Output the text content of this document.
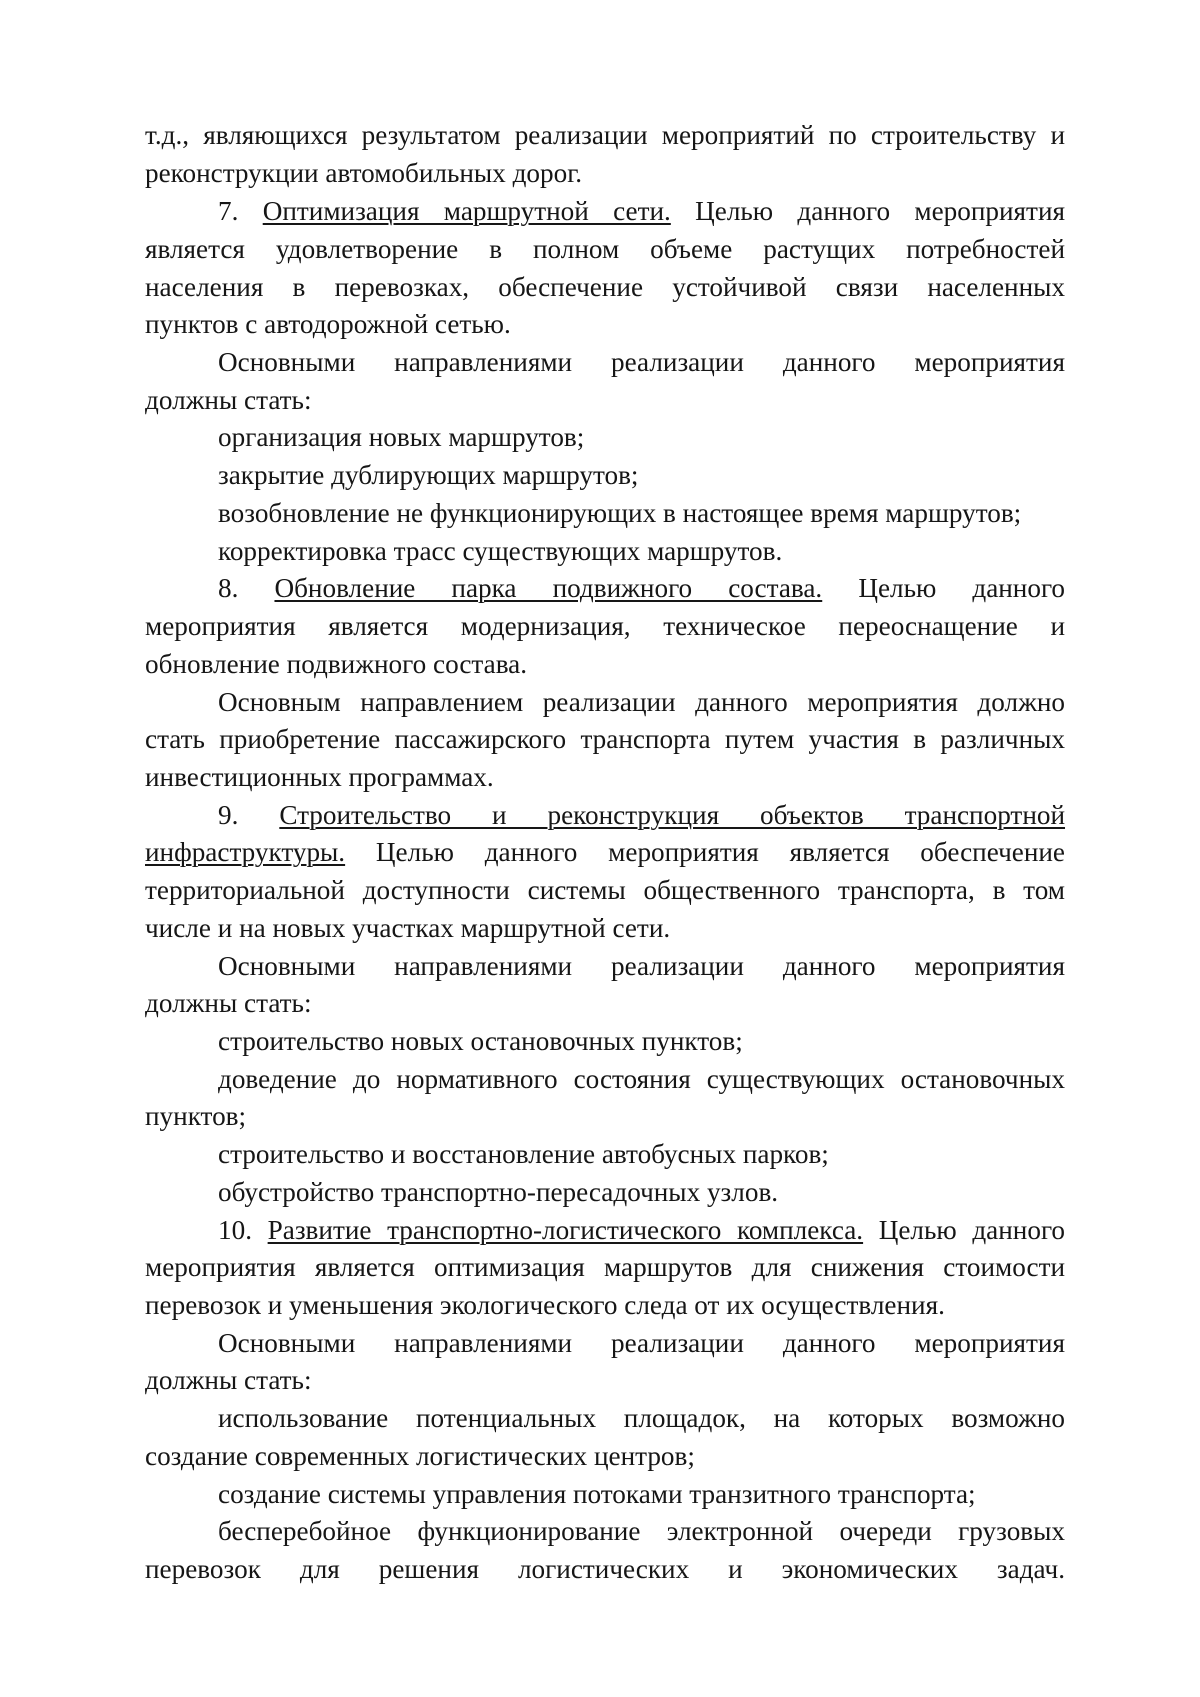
т.д., являющихся результатом реализации мероприятий по строительству и
реконструкции автомобильных дорог.
7. Оптимизация маршрутной сети. Целью данного мероприятия
является удовлетворение в полном объеме растущих потребностей
населения в перевозках, обеспечение устойчивой связи населенных
пунктов с автодорожной сетью.
Основными направлениями реализации данного мероприятия
должны стать:
организация новых маршрутов;
закрытие дублирующих маршрутов;
возобновление не функционирующих в настоящее время маршрутов;
корректировка трасс существующих маршрутов.
8. Обновление парка подвижного состава. Целью данного
мероприятия является модернизация, техническое переоснащение и
обновление подвижного состава.
Основным направлением реализации данного мероприятия должно
стать приобретение пассажирского транспорта путем участия в различных
инвестиционных программах.
9. Строительство и реконструкция объектов транспортной
инфраструктуры. Целью данного мероприятия является обеспечение
территориальной доступности системы общественного транспорта, в том
числе и на новых участках маршрутной сети.
Основными направлениями реализации данного мероприятия
должны стать:
строительство новых остановочных пунктов;
доведение до нормативного состояния существующих остановочных
пунктов;
строительство и восстановление автобусных парков;
обустройство транспортно-пересадочных узлов.
10. Развитие транспортно-логистического комплекса. Целью данного
мероприятия является оптимизация маршрутов для снижения стоимости
перевозок и уменьшения экологического следа от их осуществления.
Основными направлениями реализации данного мероприятия
должны стать:
использование потенциальных площадок, на которых возможно
создание современных логистических центров;
создание системы управления потоками транзитного транспорта;
бесперебойное функционирование электронной очереди грузовых
перевозок для решения логистических и экономических задач.
